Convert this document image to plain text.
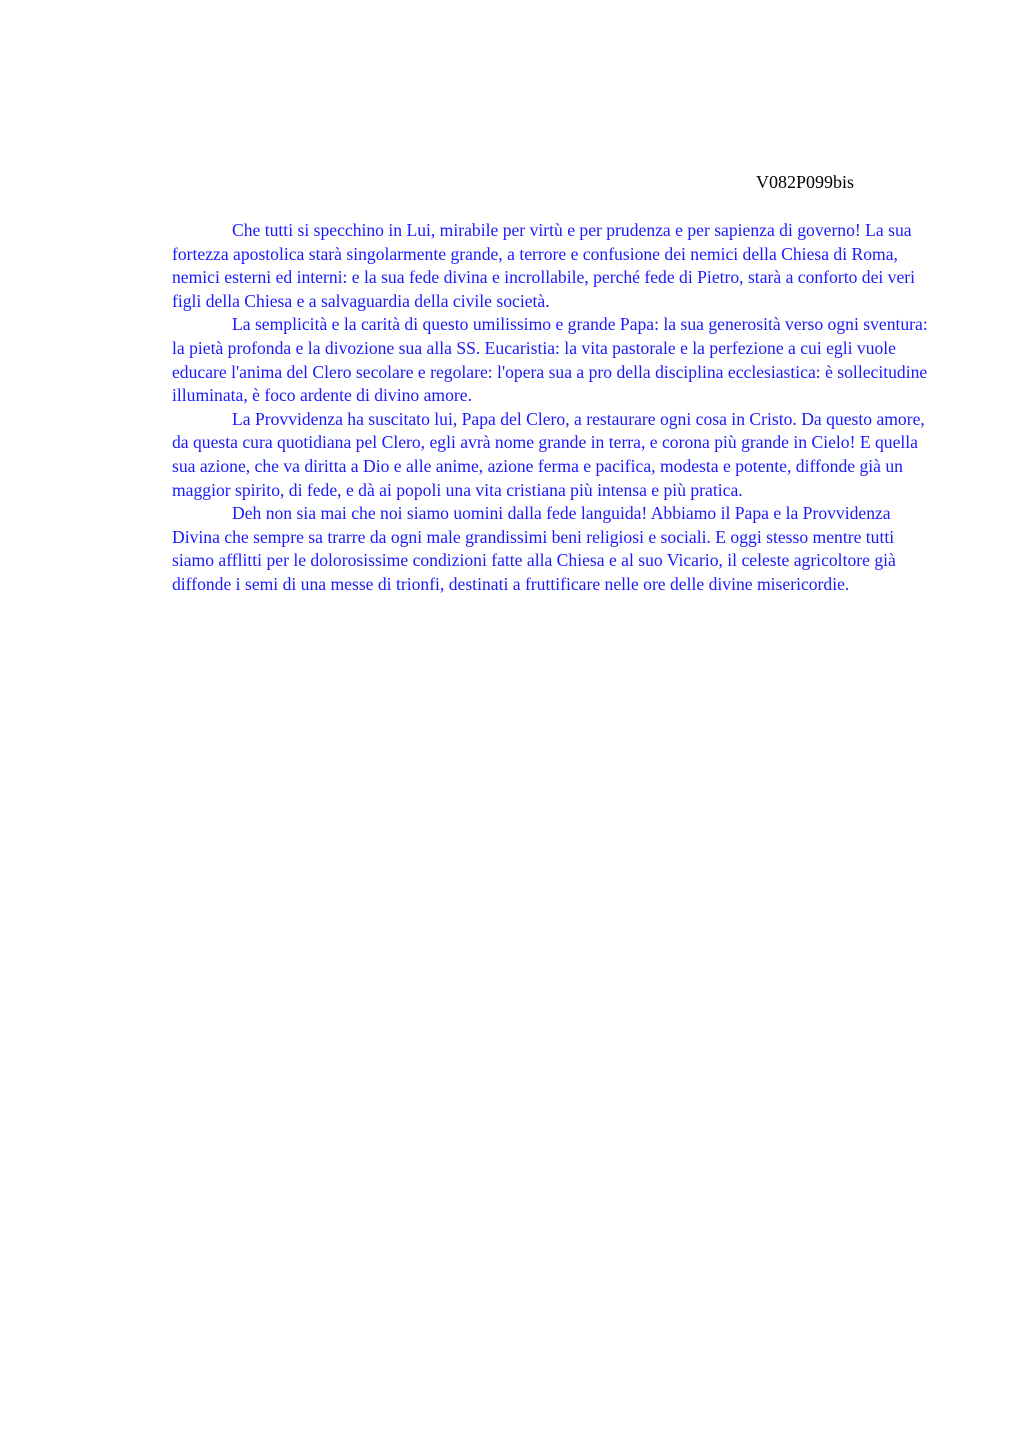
V082P099bis

Che tutti si specchino in Lui, mirabile per virtù e per prudenza e per sapienza di governo! La sua fortezza apostolica starà singolarmente grande, a terrore e confusione dei nemici della Chiesa di Roma, nemici esterni ed interni: e la sua fede divina e incrollabile, perché fede di Pietro, starà a conforto dei veri figli della Chiesa e a salvaguardia della civile società.

La semplicità e la carità di questo umilissimo e grande Papa: la sua generosità verso ogni sventura: la pietà profonda e la divozione sua alla SS. Eucaristia: la vita pastorale e la perfezione a cui egli vuole educare l'anima del Clero secolare e regolare: l'opera sua a pro della disciplina ecclesiastica: è sollecitudine illuminata, è foco ardente di divino amore.

La Provvidenza ha suscitato lui, Papa del Clero, a restaurare ogni cosa in Cristo. Da questo amore, da questa cura quotidiana pel Clero, egli avrà nome grande in terra, e corona più grande in Cielo! E quella sua azione, che va diritta a Dio e alle anime, azione ferma e pacifica, modesta e potente, diffonde già un maggior spirito, di fede, e dà ai popoli una vita cristiana più intensa e più pratica.

Deh non sia mai che noi siamo uomini dalla fede languida! Abbiamo il Papa e la Provvidenza Divina che sempre sa trarre da ogni male grandissimi beni religiosi e sociali. E oggi stesso mentre tutti siamo afflitti per le dolorosissime condizioni fatte alla Chiesa e al suo Vicario, il celeste agricoltore già diffonde i semi di una messe di trionfi, destinati a fruttificare nelle ore delle divine misericordie.
